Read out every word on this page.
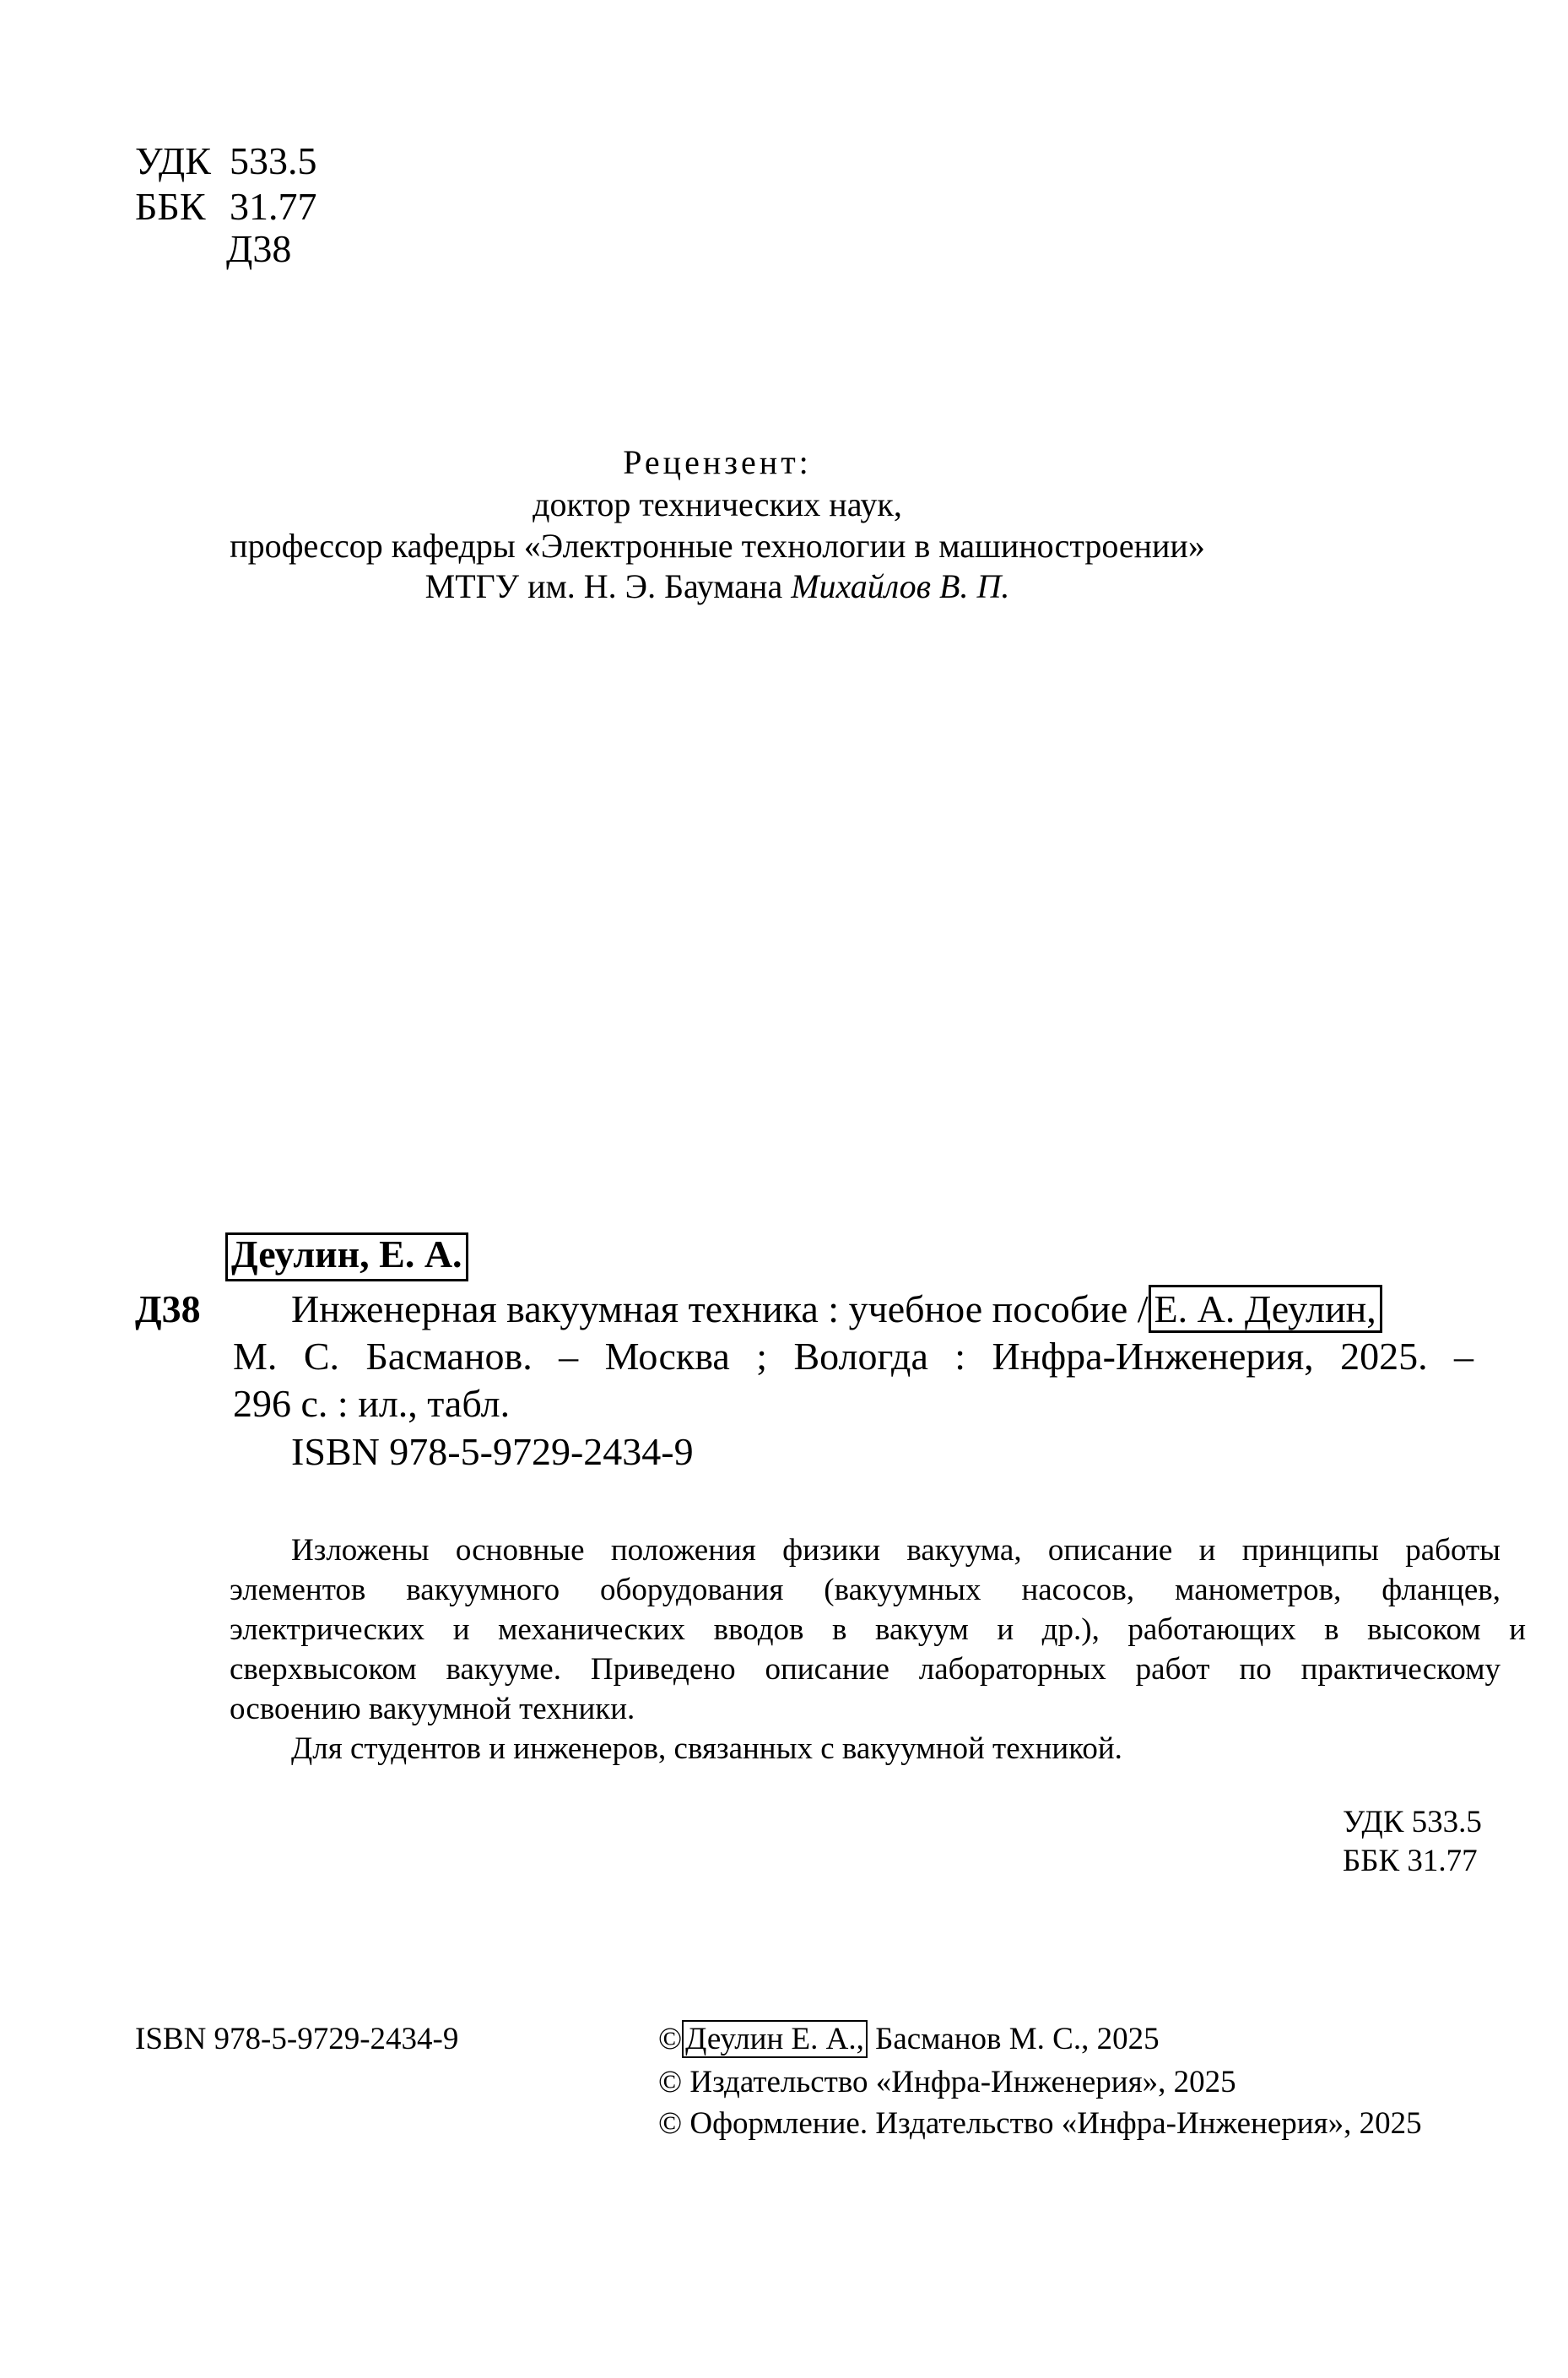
УДК 533.5
ББК 31.77
Д38
Рецензент:
доктор технических наук,
профессор кафедры «Электронные технологии в машиностроении»
МТГУ им. Н. Э. Баумана Михайлов В. П.
Деулин, Е. А.
Д38 Инженерная вакуумная техника : учебное пособие / Е. А. Деулин,
М. С. Басманов. – Москва ; Вологда : Инфра-Инженерия, 2025. –
296 с. : ил., табл.
ISBN 978-5-9729-2434-9
Изложены основные положения физики вакуума, описание и принципы работы
элементов вакуумного оборудования (вакуумных насосов, манометров, фланцев,
электрических и механических вводов в вакуум и др.), работающих в высоком и
сверхвысоком вакууме. Приведено описание лабораторных работ по практическому
освоению вакуумной техники.
Для студентов и инженеров, связанных с вакуумной техникой.
УДК 533.5
ББК 31.77
ISBN 978-5-9729-2434-9	© Деулин Е. А., Басманов М. С., 2025
© Издательство «Инфра-Инженерия», 2025
© Оформление. Издательство «Инфра-Инженерия», 2025
